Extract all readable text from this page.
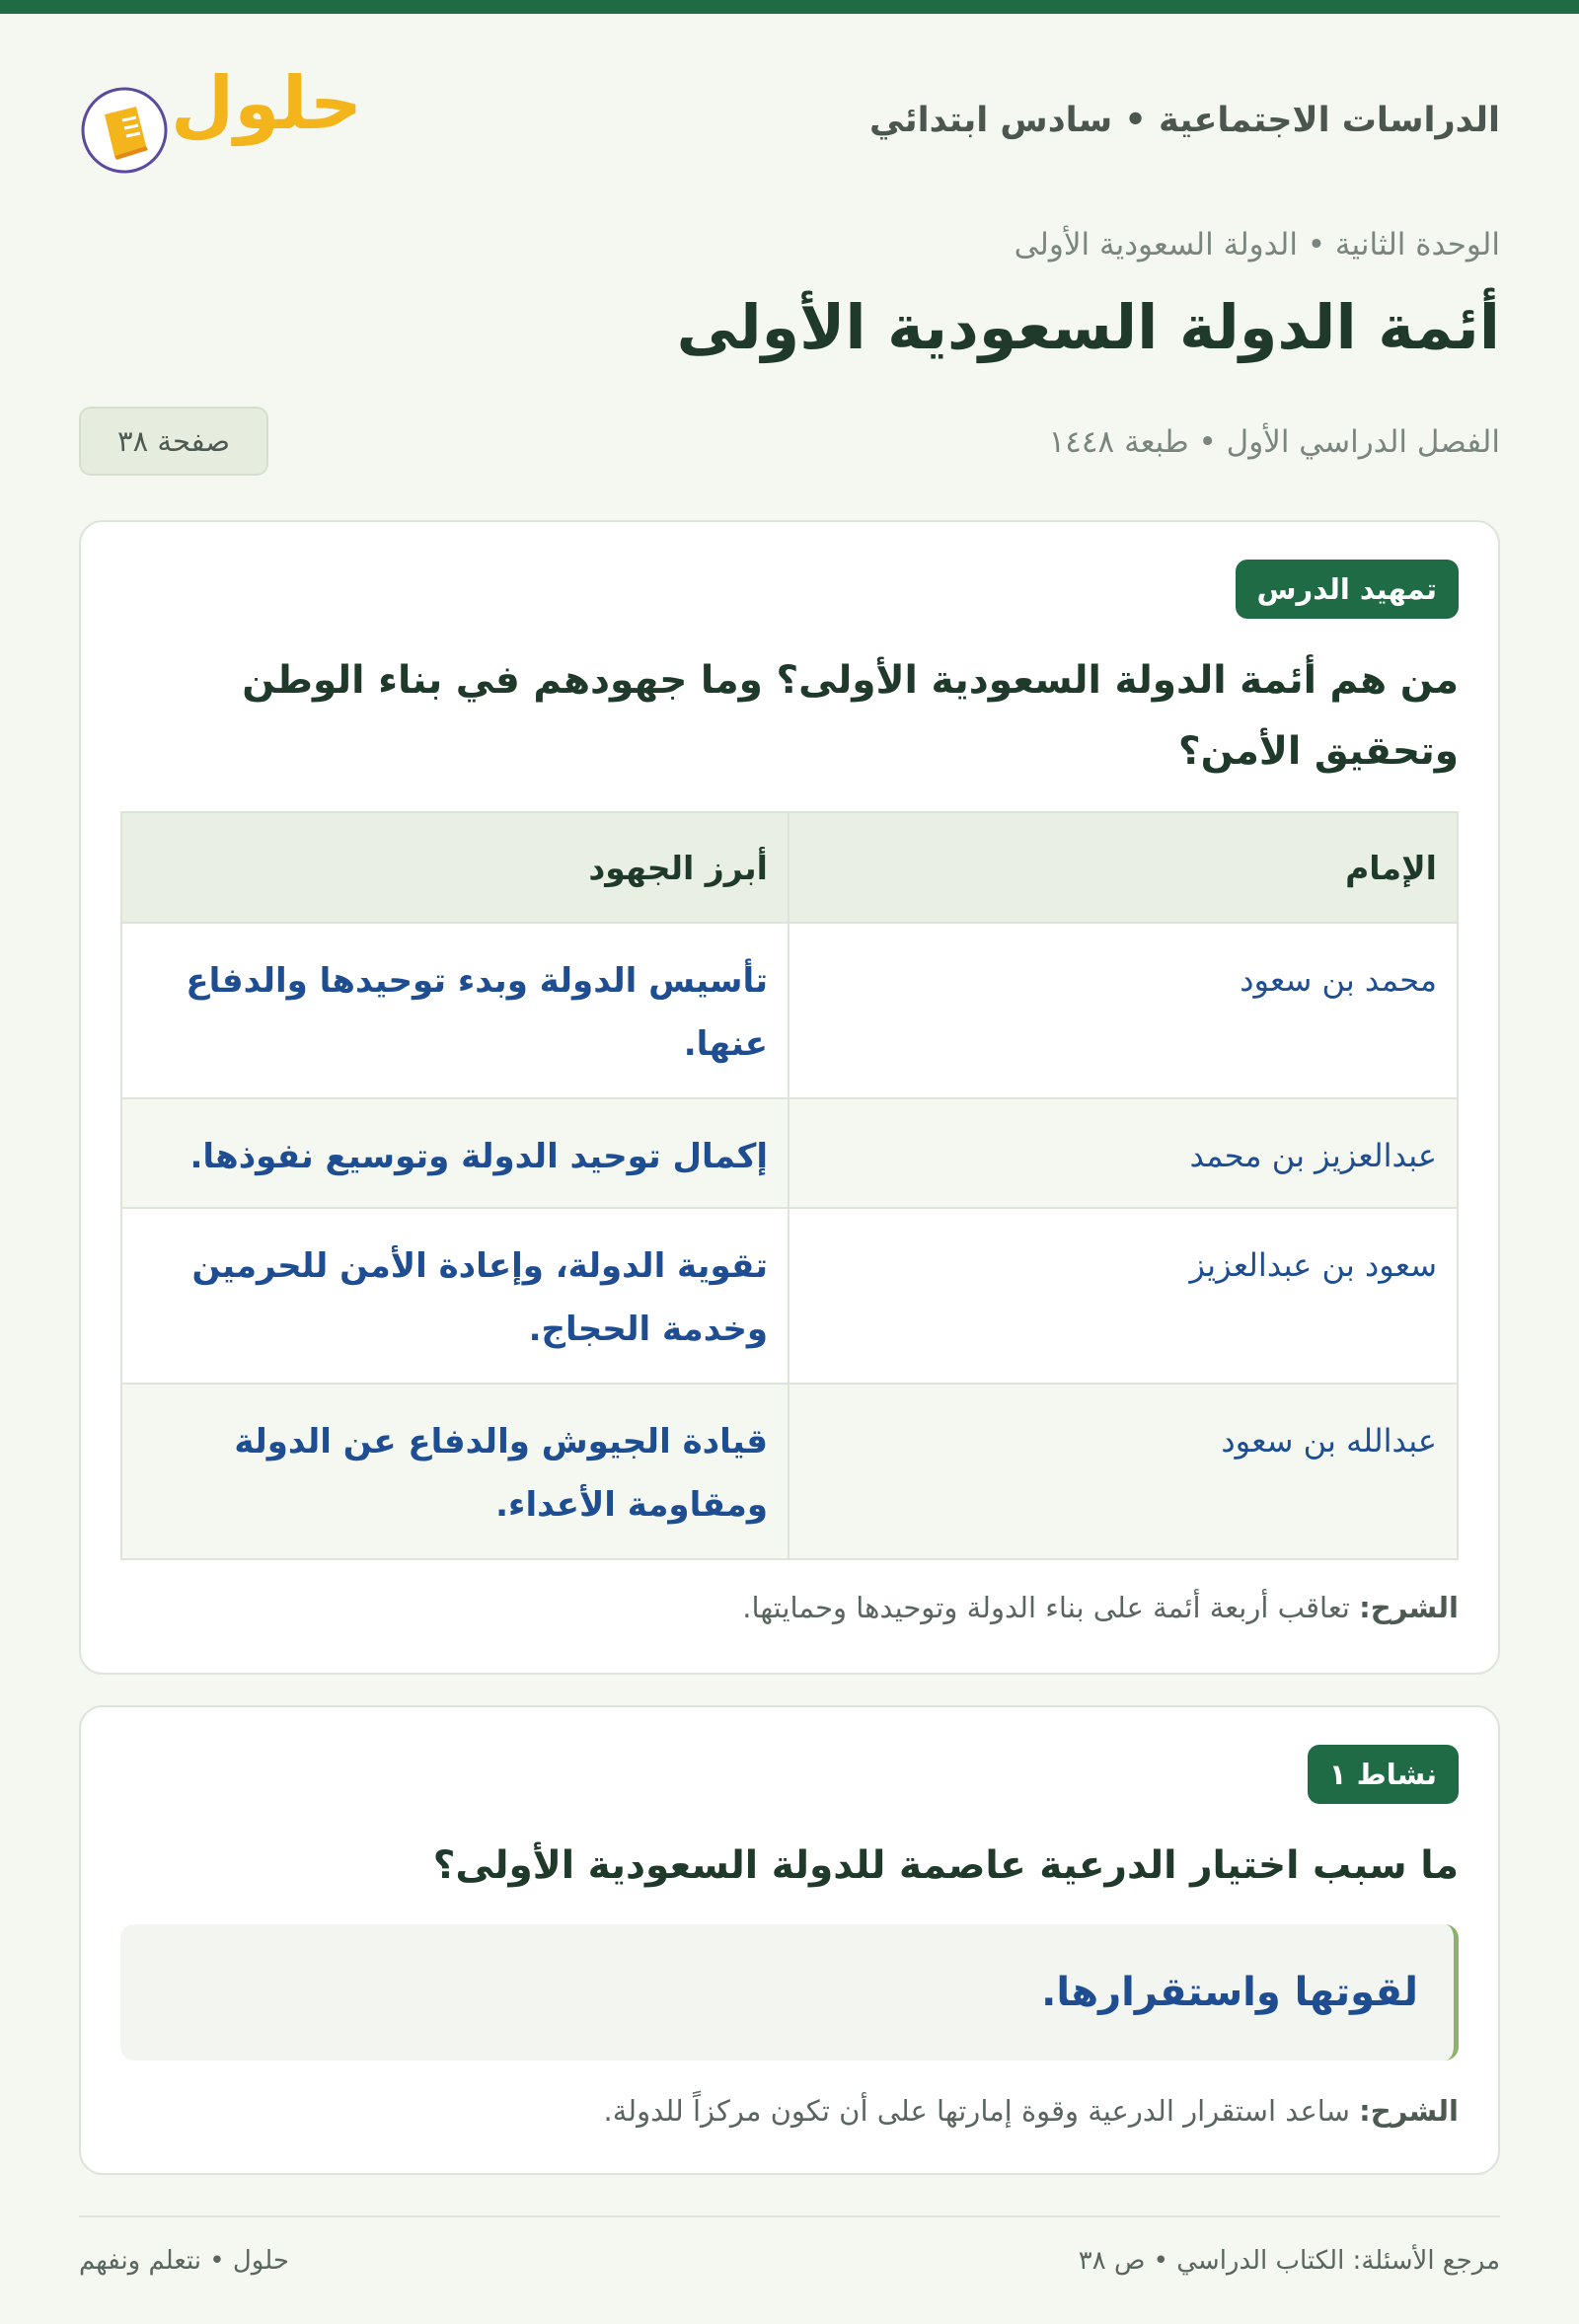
حلول	الدراسات الاجتماعية • سادس ابتدائي
الوحدة الثانية • الدولة السعودية الأولى
أئمة الدولة السعودية الأولى
الفصل الدراسي الأول • طبعة ١٤٤٨
صفحة ٣٨
تمهيد الدرس
من هم أئمة الدولة السعودية الأولى؟ وما جهودهم في بناء الوطن وتحقيق الأمن؟
الإمام	أبرز الجهود
محمد بن سعود	تأسيس الدولة وبدء توحيدها والدفاع عنها.
عبدالعزيز بن محمد	إكمال توحيد الدولة وتوسيع نفوذها.
سعود بن عبدالعزيز	تقوية الدولة، وإعادة الأمن للحرمين وخدمة الحجاج.
عبدالله بن سعود	قيادة الجيوش والدفاع عن الدولة ومقاومة الأعداء.

الشرح: تعاقب أربعة أئمة على بناء الدولة وتوحيدها وحمايتها.

نشاط ١
ما سبب اختيار الدرعية عاصمة للدولة السعودية الأولى؟
لقوتها واستقرارها.

الشرح: ساعد استقرار الدرعية وقوة إمارتها على أن تكون مركزاً للدولة.

مرجع الأسئلة: الكتاب الدراسي • ص ٣٨
حلول • نتعلم ونفهم
